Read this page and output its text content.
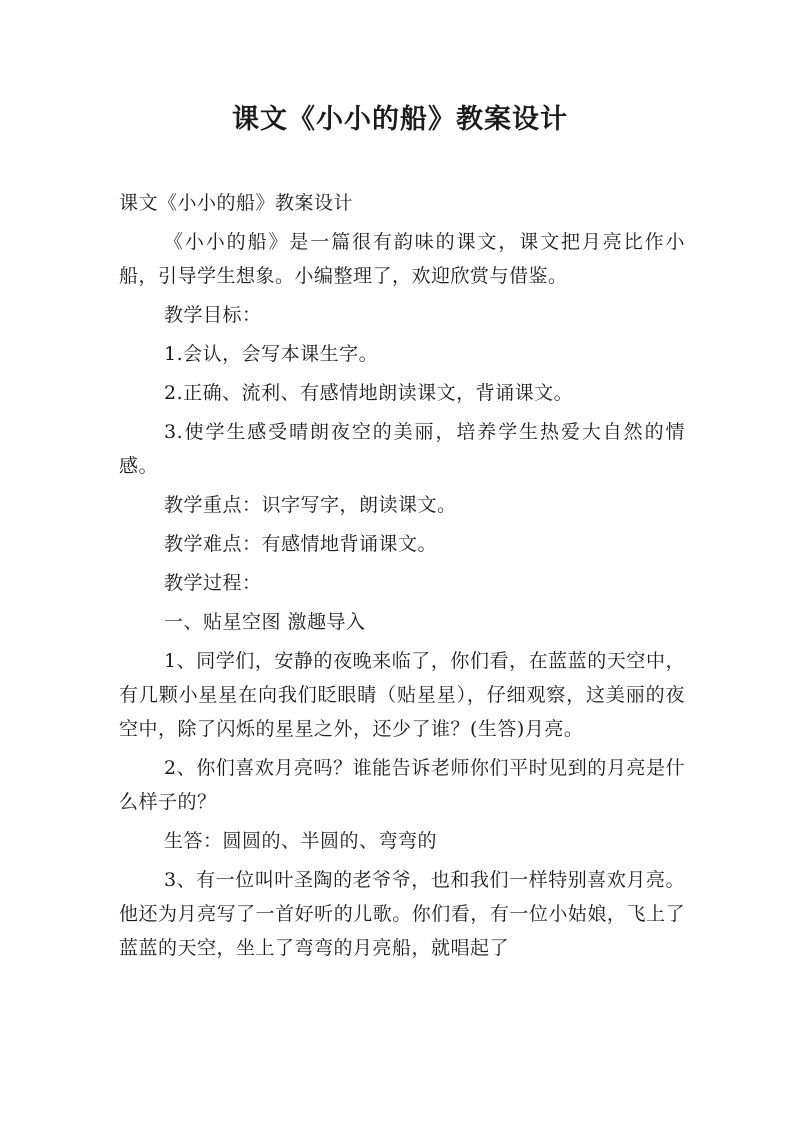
课文《小小的船》教案设计

课文《小小的船》教案设计

《小小的船》是一篇很有韵味的课文，课文把月亮比作小船，引导学生想象。小编整理了，欢迎欣赏与借鉴。

教学目标：

1.会认，会写本课生字。

2.正确、流利、有感情地朗读课文，背诵课文。

3.使学生感受晴朗夜空的美丽，培养学生热爱大自然的情感。

教学重点：识字写字，朗读课文。

教学难点：有感情地背诵课文。

教学过程：

一、贴星空图 激趣导入

1、同学们，安静的夜晚来临了，你们看，在蓝蓝的天空中，有几颗小星星在向我们眨眼睛（贴星星），仔细观察，这美丽的夜空中，除了闪烁的星星之外，还少了谁？(生答)月亮。

2、你们喜欢月亮吗？谁能告诉老师你们平时见到的月亮是什么样子的？

生答：圆圆的、半圆的、弯弯的

3、有一位叫叶圣陶的老爷爷，也和我们一样特别喜欢月亮。他还为月亮写了一首好听的儿歌。你们看，有一位小姑娘，飞上了蓝蓝的天空，坐上了弯弯的月亮船，就唱起了
